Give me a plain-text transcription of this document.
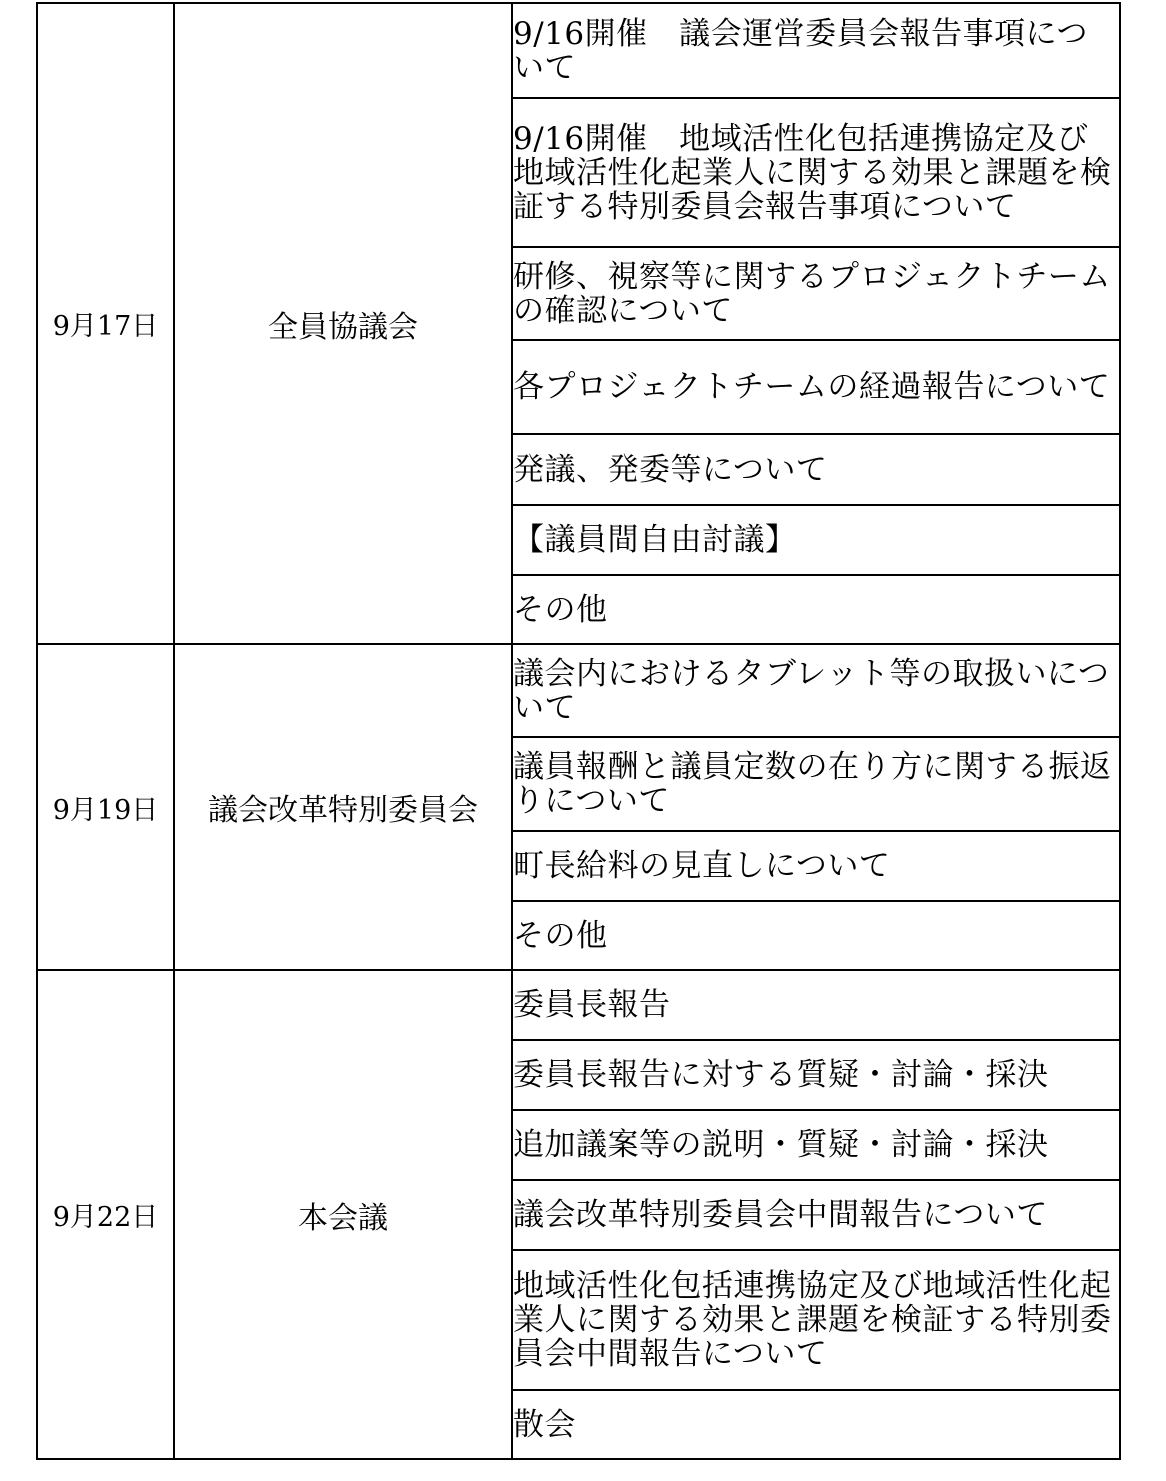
9月17日	全員協議会	9/16開催　議会運営委員会報告事項について
		9/16開催　地域活性化包括連携協定及び地域活性化起業人に関する効果と課題を検証する特別委員会報告事項について
		研修、視察等に関するプロジェクトチームの確認について
		各プロジェクトチームの経過報告について
		発議、発委等について
		【議員間自由討議】
		その他
9月19日	議会改革特別委員会	議会内におけるタブレット等の取扱いについて
		議員報酬と議員定数の在り方に関する振返りについて
		町長給料の見直しについて
		その他
9月22日	本会議	委員長報告
		委員長報告に対する質疑・討論・採決
		追加議案等の説明・質疑・討論・採決
		議会改革特別委員会中間報告について
		地域活性化包括連携協定及び地域活性化起業人に関する効果と課題を検証する特別委員会中間報告について
		散会
